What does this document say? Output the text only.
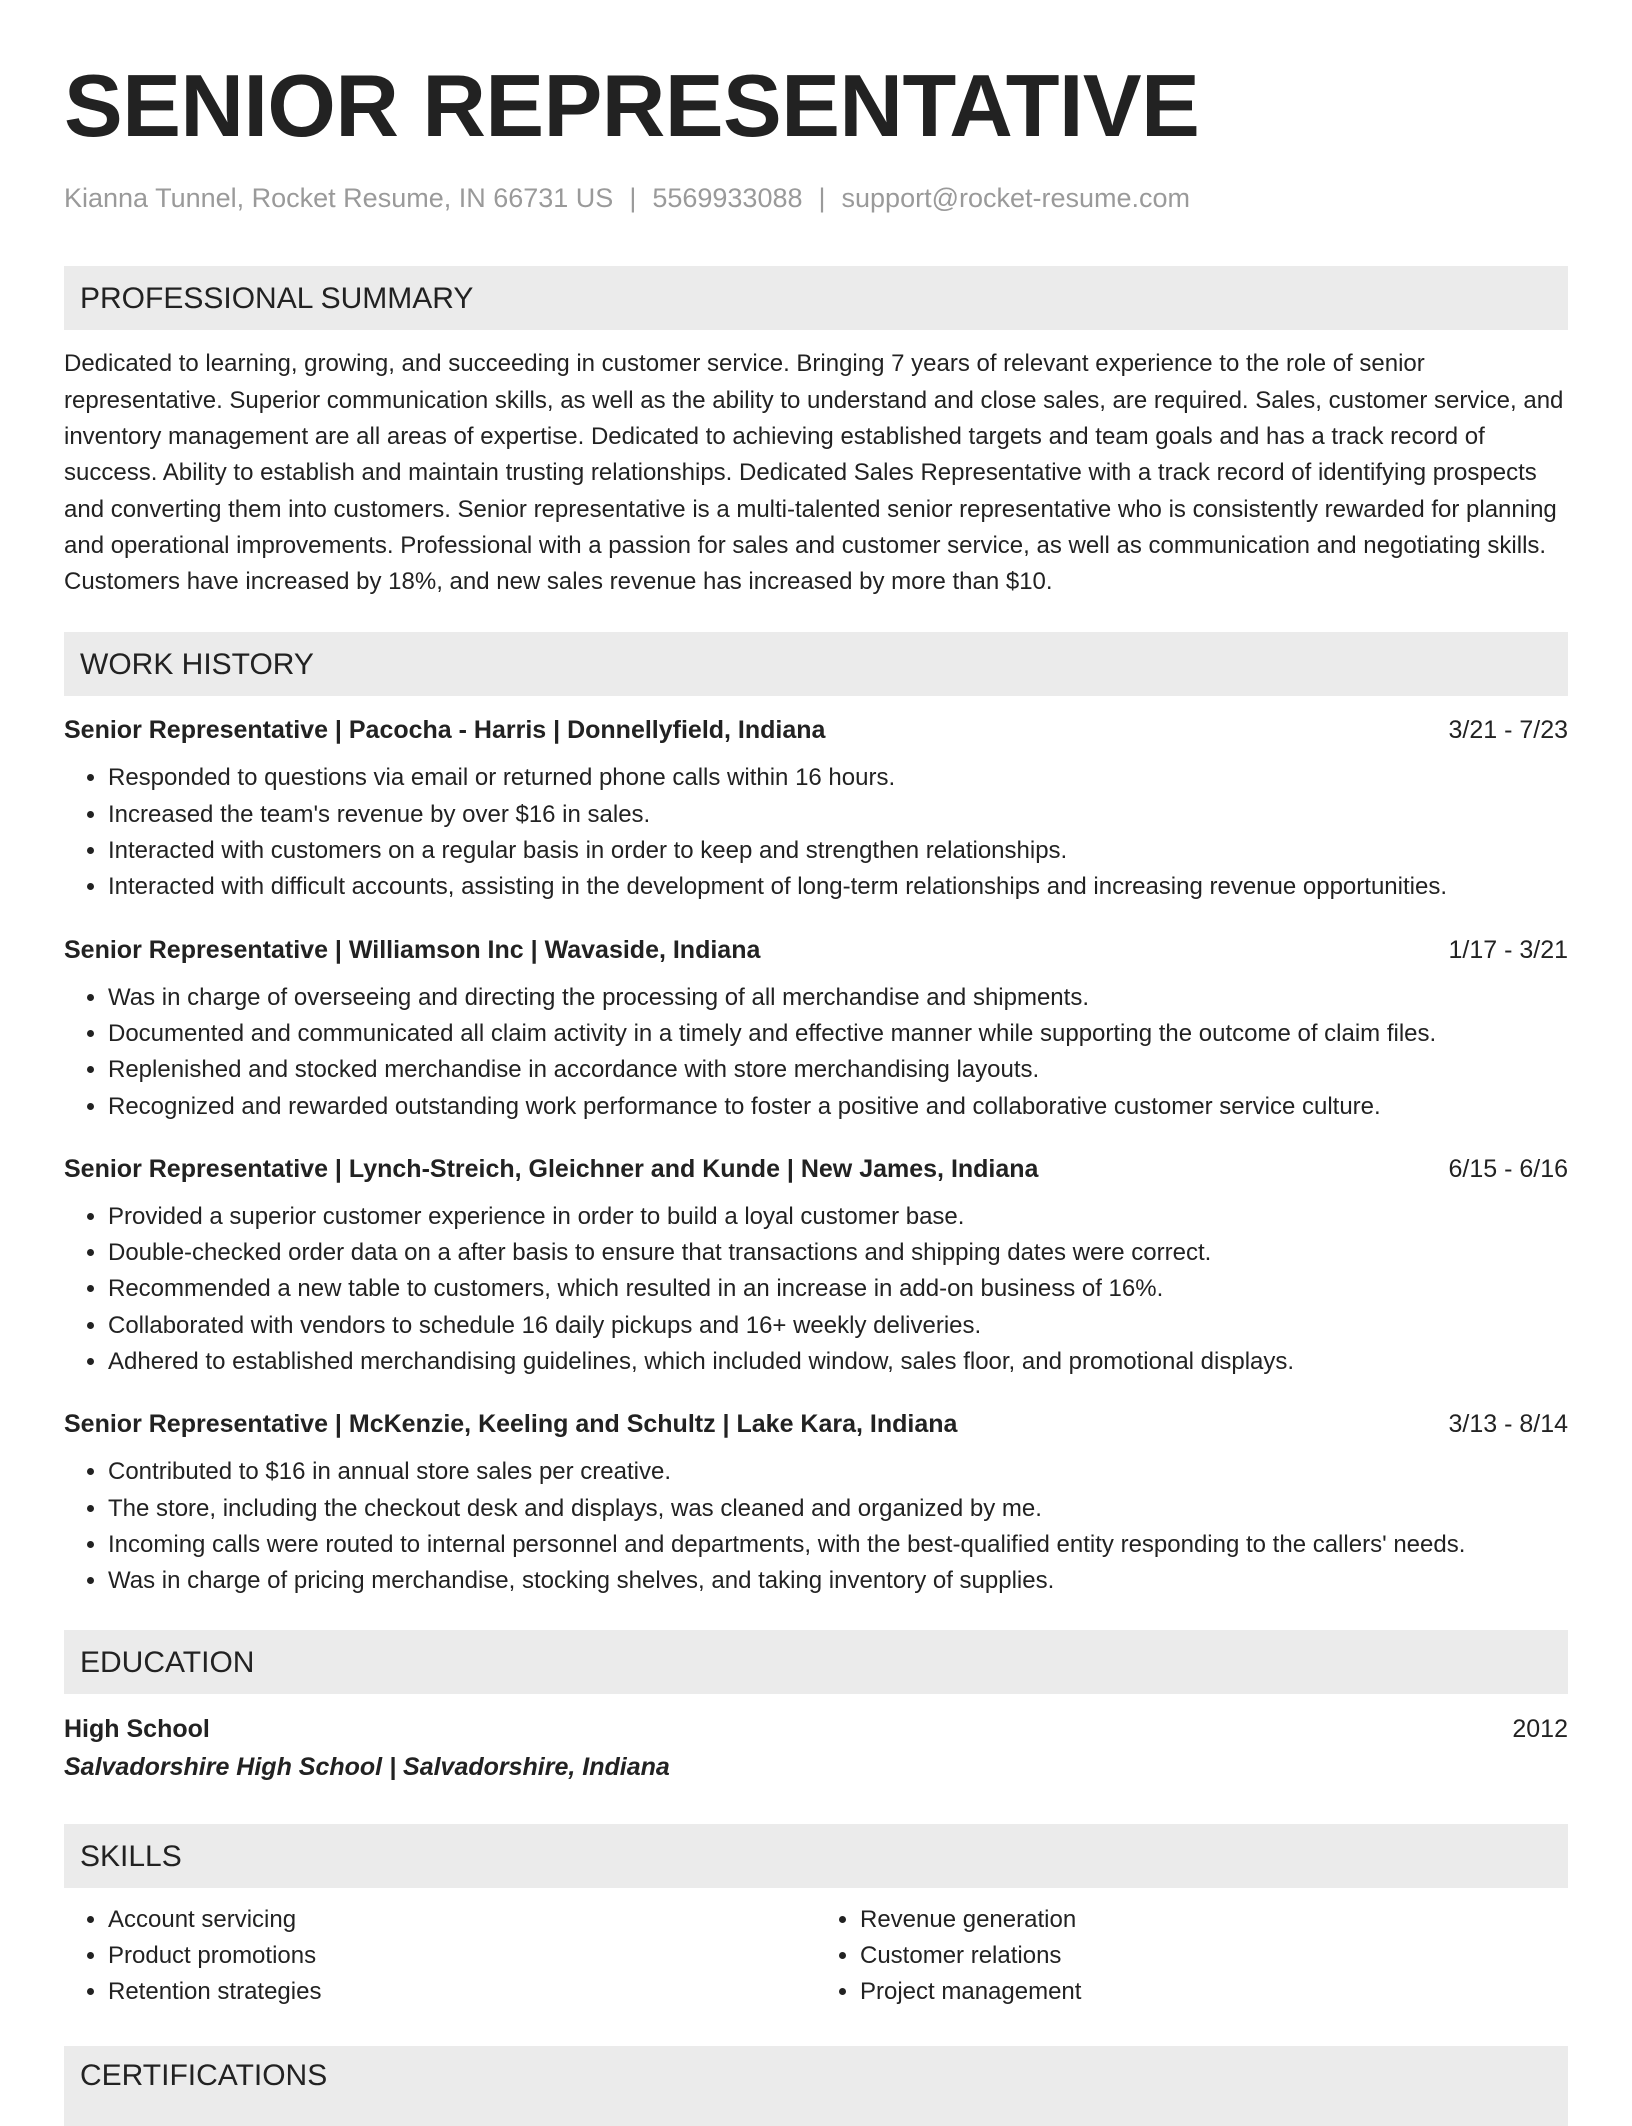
SENIOR REPRESENTATIVE
Kianna Tunnel, Rocket Resume, IN 66731 US | 5569933088 | support@rocket-resume.com
PROFESSIONAL SUMMARY
Dedicated to learning, growing, and succeeding in customer service. Bringing 7 years of relevant experience to the role of senior representative. Superior communication skills, as well as the ability to understand and close sales, are required. Sales, customer service, and inventory management are all areas of expertise. Dedicated to achieving established targets and team goals and has a track record of success. Ability to establish and maintain trusting relationships. Dedicated Sales Representative with a track record of identifying prospects and converting them into customers. Senior representative is a multi-talented senior representative who is consistently rewarded for planning and operational improvements. Professional with a passion for sales and customer service, as well as communication and negotiating skills. Customers have increased by 18%, and new sales revenue has increased by more than $10.
WORK HISTORY
Senior Representative | Pacocha - Harris | Donnellyfield, Indiana	3/21 - 7/23
• Responded to questions via email or returned phone calls within 16 hours.
• Increased the team's revenue by over $16 in sales.
• Interacted with customers on a regular basis in order to keep and strengthen relationships.
• Interacted with difficult accounts, assisting in the development of long-term relationships and increasing revenue opportunities.
Senior Representative | Williamson Inc | Wavaside, Indiana	1/17 - 3/21
• Was in charge of overseeing and directing the processing of all merchandise and shipments.
• Documented and communicated all claim activity in a timely and effective manner while supporting the outcome of claim files.
• Replenished and stocked merchandise in accordance with store merchandising layouts.
• Recognized and rewarded outstanding work performance to foster a positive and collaborative customer service culture.
Senior Representative | Lynch-Streich, Gleichner and Kunde | New James, Indiana	6/15 - 6/16
• Provided a superior customer experience in order to build a loyal customer base.
• Double-checked order data on a after basis to ensure that transactions and shipping dates were correct.
• Recommended a new table to customers, which resulted in an increase in add-on business of 16%.
• Collaborated with vendors to schedule 16 daily pickups and 16+ weekly deliveries.
• Adhered to established merchandising guidelines, which included window, sales floor, and promotional displays.
Senior Representative | McKenzie, Keeling and Schultz | Lake Kara, Indiana	3/13 - 8/14
• Contributed to $16 in annual store sales per creative.
• The store, including the checkout desk and displays, was cleaned and organized by me.
• Incoming calls were routed to internal personnel and departments, with the best-qualified entity responding to the callers' needs.
• Was in charge of pricing merchandise, stocking shelves, and taking inventory of supplies.
EDUCATION
High School	2012
Salvadorshire High School | Salvadorshire, Indiana
SKILLS
• Account servicing
• Product promotions
• Retention strategies
• Revenue generation
• Customer relations
• Project management
CERTIFICATIONS
